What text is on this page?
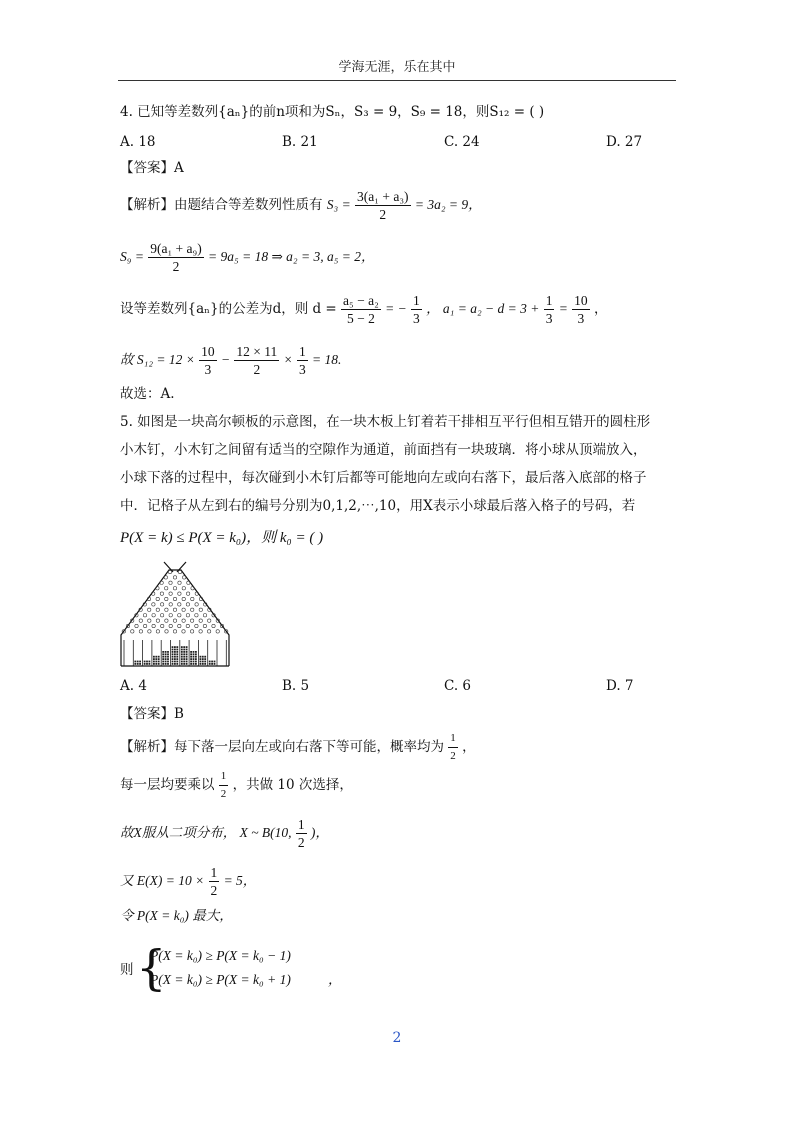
学海无涯，乐在其中
4. 已知等差数列{aₙ}的前n项和为Sₙ，S₃ = 9，S₉ = 18，则S₁₂ = ( )
A. 18	B. 21	C. 24	D. 27
【答案】A
【解析】由题结合等差数列性质有 $S_3 = \frac{\text{3(a₁ + a₃)}}{2} = 3a_2 = 9$，
$S_9 = \frac{\text{9(a₁ + a₉)}}{2} = 9a_5 = 18$ ⇒ a₂ = 3, a₅ = 2，
设等差数列{aₙ}的公差为d，则 $d = \frac{\text{a₅ − a₂}}{5 - 2}$ = − $\frac{1}{3}$ ， $a_1 = a_2 - d = 3 + \frac{1}{3} = \frac{10}{3}$ ，
故 $S_{12} = 12 \times \frac{10}{3} - \frac{12 \times 11}{2} \times \frac{1}{3} = 18$.
故选：A.
5. 如图是一块高尔顿板的示意图，在一块木板上钉着若干排相互平行但相互错开的圆柱形
小木钉，小木钉之间留有适当的空隙作为通道，前面挡有一块玻璃．将小球从顶端放入，
小球下落的过程中，每次碰到小木钉后都等可能地向左或向右落下，最后落入底部的格子
中．记格子从左到右的编号分别为0,1,2,⋯,10，用X表示小球最后落入格子的号码，若
P(X = k) ≤ P(X = k₀)，则 k₀ = ( )
A. 4	B. 5	C. 6	D. 7
【答案】B
【解析】每下落一层向左或向右落下等可能，概率均为 $\frac{1}{2}$ ，
每一层均要乘以 $\frac{1}{2}$ ，共做 10 次选择，
故X服从二项分布， X ~ B(10, $\frac{1}{2}$ )，
又 $E(X) = 10 \times \frac{1}{2} = 5$，
令 P(X = k₀) 最大，
则 {
P(X = k₀) ≥ P(X = k₀ − 1)
P(X = k₀) ≥ P(X = k₀ + 1)	，
2
